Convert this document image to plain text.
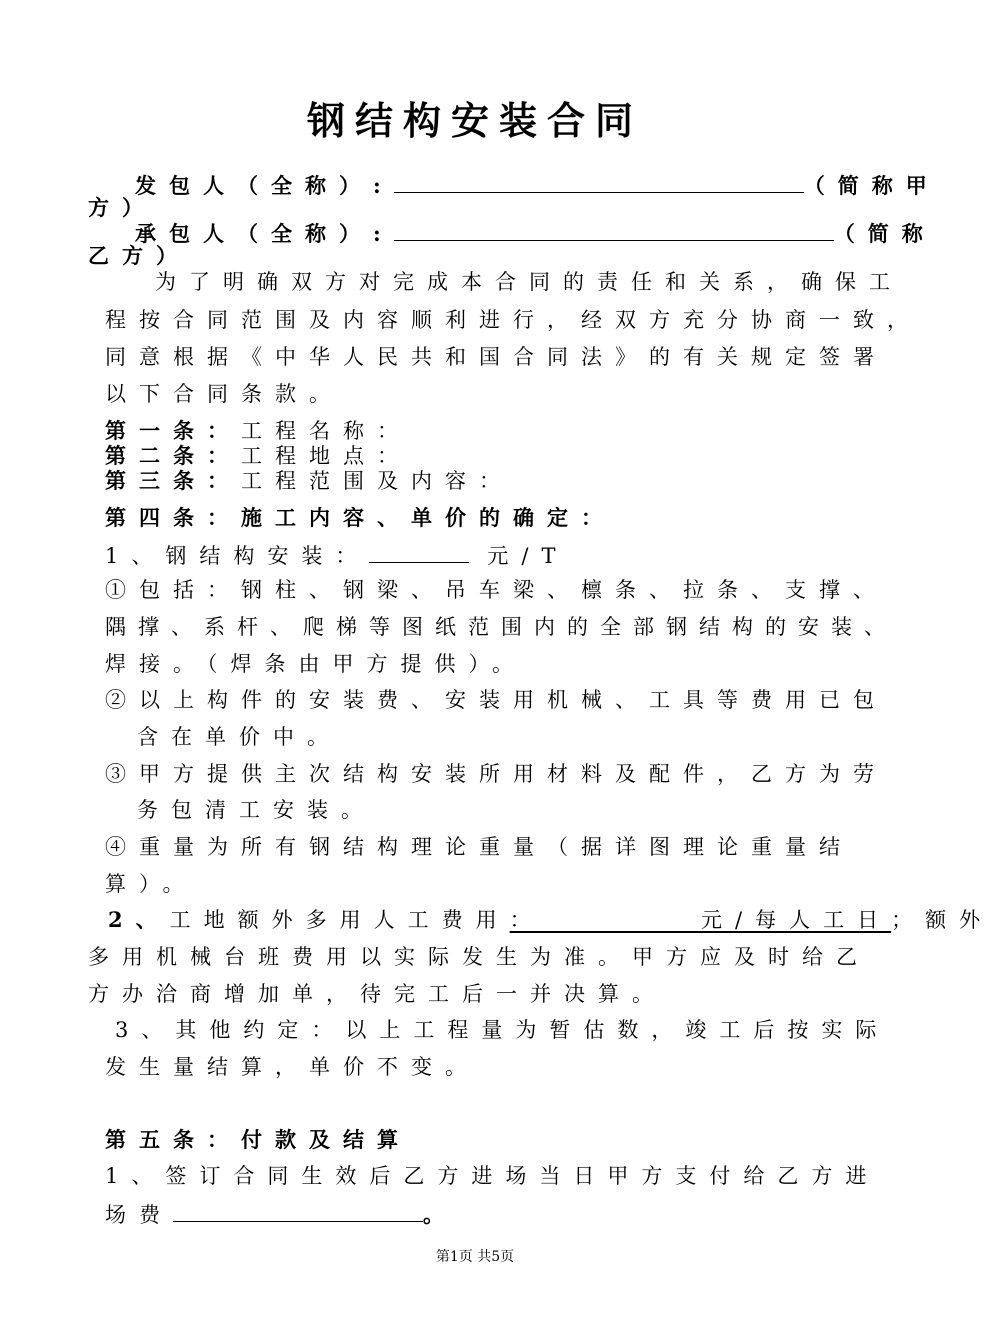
钢结构安装合同
发包人（全称）:	（简称甲
方）
承包人（全称）:	（简称
乙方）
为了明确双方对完成本合同的责任和关系，确保工
程按合同范围及内容顺利进行，经双方充分协商一致，
同意根据《中华人民共和国合同法》的有关规定签署
以下合同条款。
第一条：工程名称：
第二条：工程地点：
第三条：工程范围及内容：
第四条：施工内容、单价的确定：
1、钢结构安装：	元/T
①包括：钢柱、钢梁、吊车梁、檩条、拉条、支撑、
隅撑、系杆、爬梯等图纸范围内的全部钢结构的安装、
焊接。（焊条由甲方提供）。
②以上构件的安装费、安装用机械、工具等费用已包
含在单价中。
③甲方提供主次结构安装所用材料及配件，乙方为劳
务包清工安装。
④重量为所有钢结构理论重量（据详图理论重量结
算）。
2、工地额外多用人工费用：        元/每人工日；额外
多用机械台班费用以实际发生为准。甲方应及时给乙
方办洽商增加单，待完工后一并决算。
3、其他约定：以上工程量为暂估数，竣工后按实际
发生量结算，单价不变。
第五条：付款及结算
1、签订合同生效后乙方进场当日甲方支付给乙方进
场费	。
第1页 共5页
